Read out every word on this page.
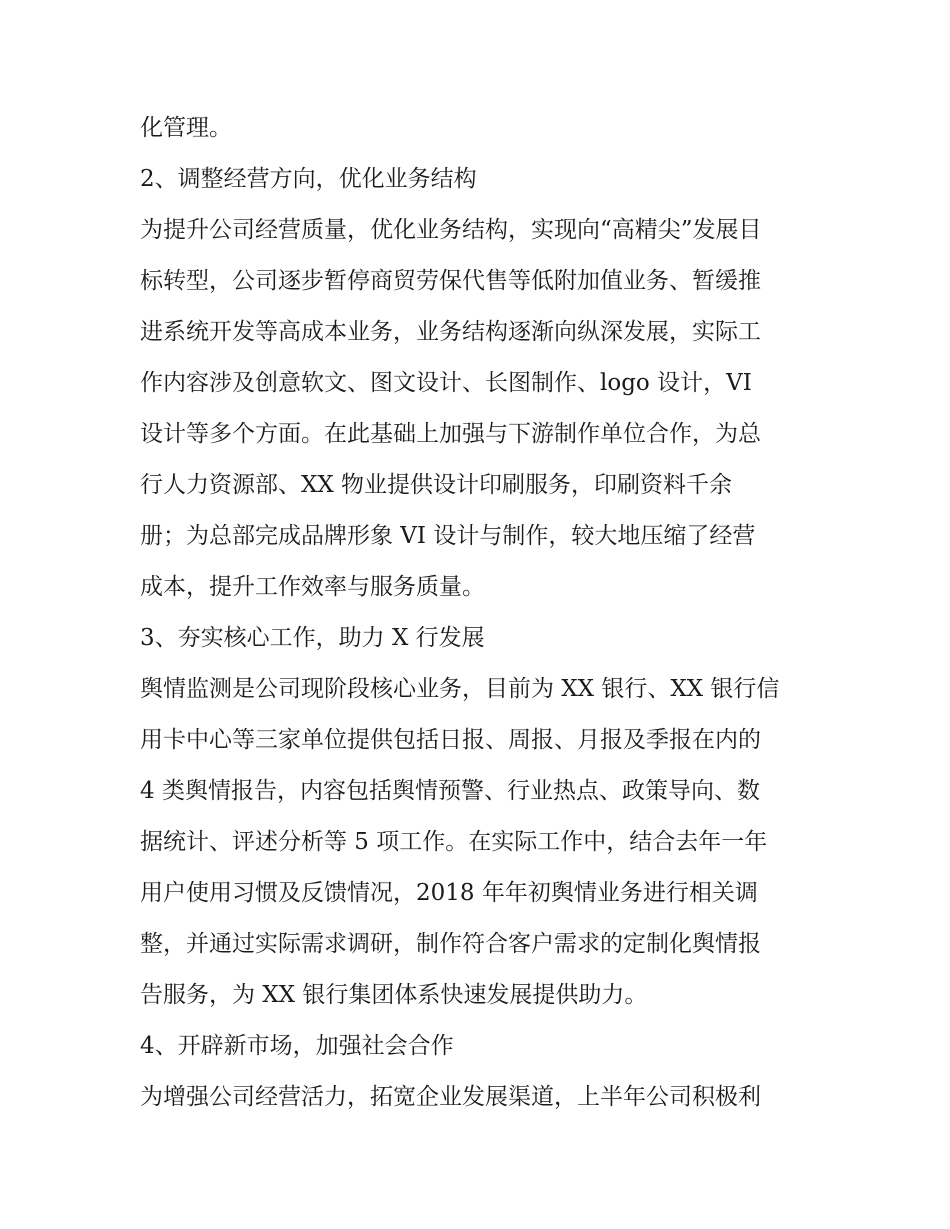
化管理。
2、调整经营方向，优化业务结构
为提升公司经营质量，优化业务结构，实现向“高精尖”发展目
标转型，公司逐步暂停商贸劳保代售等低附加值业务、暂缓推
进系统开发等高成本业务，业务结构逐渐向纵深发展，实际工
作内容涉及创意软文、图文设计、长图制作、logo 设计，VI
设计等多个方面。在此基础上加强与下游制作单位合作，为总
行人力资源部、XX 物业提供设计印刷服务，印刷资料千余
册；为总部完成品牌形象 VI 设计与制作，较大地压缩了经营
成本，提升工作效率与服务质量。
3、夯实核心工作，助力 X 行发展
舆情监测是公司现阶段核心业务，目前为 XX 银行、XX 银行信
用卡中心等三家单位提供包括日报、周报、月报及季报在内的
4 类舆情报告，内容包括舆情预警、行业热点、政策导向、数
据统计、评述分析等 5 项工作。在实际工作中，结合去年一年
用户使用习惯及反馈情况，2018 年年初舆情业务进行相关调
整，并通过实际需求调研，制作符合客户需求的定制化舆情报
告服务，为 XX 银行集团体系快速发展提供助力。
4、开辟新市场，加强社会合作
为增强公司经营活力，拓宽企业发展渠道，上半年公司积极利
